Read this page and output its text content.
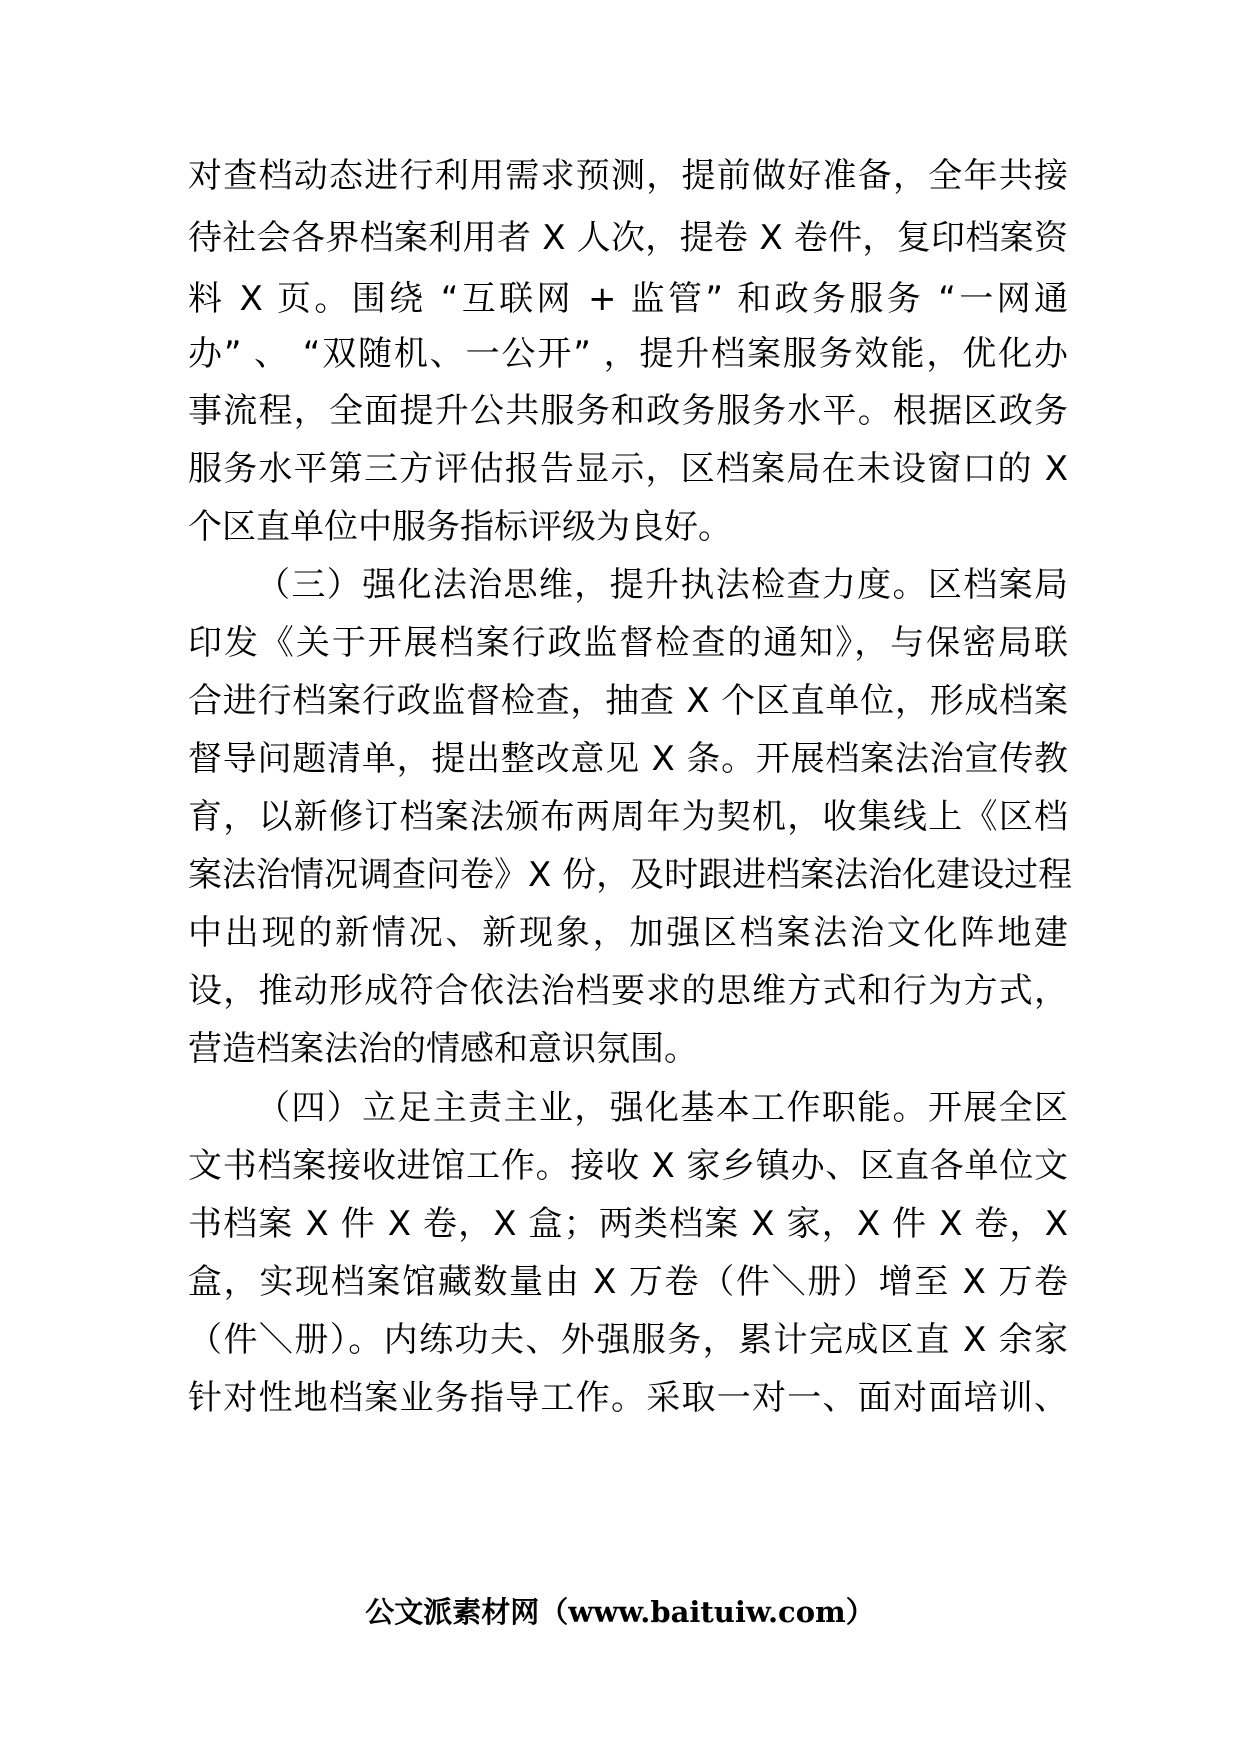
对查档动态进行利用需求预测，提前做好准备，全年共接
待社会各界档案利用者 X 人次，提卷 X 卷件，复印档案资
料 X 页。围绕 “互联网 + 监管” 和政务服务 “一网通
办” 、 “双随机、一公开” ，提升档案服务效能，优化办
事流程，全面提升公共服务和政务服务水平。根据区政务
服务水平第三方评估报告显示，区档案局在未设窗口的 X
个区直单位中服务指标评级为良好。
（三）强化法治思维，提升执法检查力度。区档案局
印发《关于开展档案行政监督检查的通知》，与保密局联
合进行档案行政监督检查，抽查 X 个区直单位，形成档案
督导问题清单，提出整改意见 X 条。开展档案法治宣传教
育，以新修订档案法颁布两周年为契机，收集线上《区档
案法治情况调查问卷》X 份，及时跟进档案法治化建设过程
中出现的新情况、新现象，加强区档案法治文化阵地建
设，推动形成符合依法治档要求的思维方式和行为方式，
营造档案法治的情感和意识氛围。
（四）立足主责主业，强化基本工作职能。开展全区
文书档案接收进馆工作。接收 X 家乡镇办、区直各单位文
书档案 X 件 X 卷，X 盒；两类档案 X 家，X 件 X 卷，X
盒，实现档案馆藏数量由 X 万卷（件＼册）增至 X 万卷
（件＼册）。内练功夫、外强服务，累计完成区直 X 余家
针对性地档案业务指导工作。采取一对一、面对面培训、
公文派素材网（www.baituiw.com）
